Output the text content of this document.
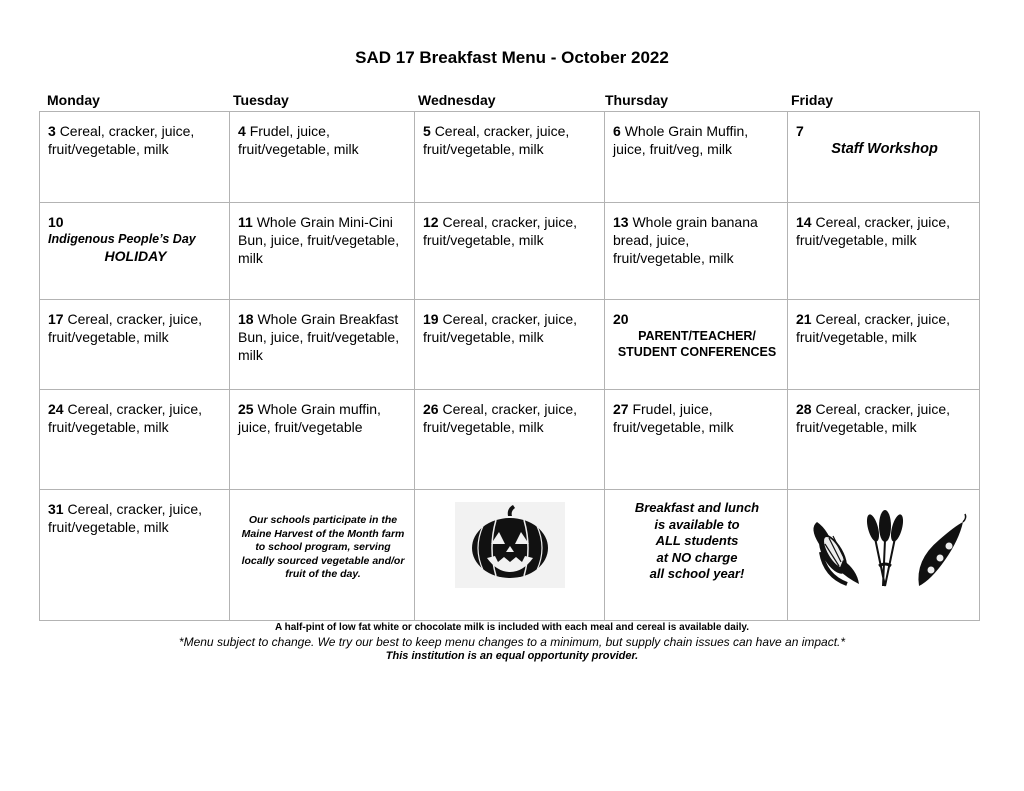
SAD 17 Breakfast Menu - October 2022
Monday	Tuesday	Wednesday	Thursday	Friday
3 Cereal, cracker, juice, fruit/vegetable, milk	4 Frudel, juice, fruit/vegetable, milk	5 Cereal, cracker, juice, fruit/vegetable, milk	6 Whole Grain Muffin, juice, fruit/veg, milk	7
Staff Workshop

10
Indigenous People’s Day
HOLIDAY	11 Whole Grain Mini-Cini Bun, juice, fruit/vegetable, milk	12 Cereal, cracker, juice, fruit/vegetable, milk	13 Whole grain banana bread, juice, fruit/vegetable, milk	14 Cereal, cracker, juice, fruit/vegetable, milk
17 Cereal, cracker, juice, fruit/vegetable, milk	18 Whole Grain Breakfast Bun, juice, fruit/vegetable, milk	19 Cereal, cracker, juice, fruit/vegetable, milk	20
PARENT/TEACHER/ STUDENT CONFERENCES	21 Cereal, cracker, juice, fruit/vegetable, milk
24 Cereal, cracker, juice, fruit/vegetable, milk	25 Whole Grain muffin, juice, fruit/vegetable	26 Cereal, cracker, juice, fruit/vegetable, milk	27 Frudel, juice, fruit/vegetable, milk	28 Cereal, cracker, juice, fruit/vegetable, milk
31 Cereal, cracker, juice, fruit/vegetable, milk	Our schools participate in the Maine Harvest of the Month farm to school program, serving locally sourced vegetable and/or fruit of the day.		Breakfast and lunch
is available to
ALL students
at NO charge
all school year!

A half-pint of low fat white or chocolate milk is included with each meal and cereal is available daily.
*Menu subject to change. We try our best to keep menu changes to a minimum, but supply chain issues can have an impact.*
This institution is an equal opportunity provider.
